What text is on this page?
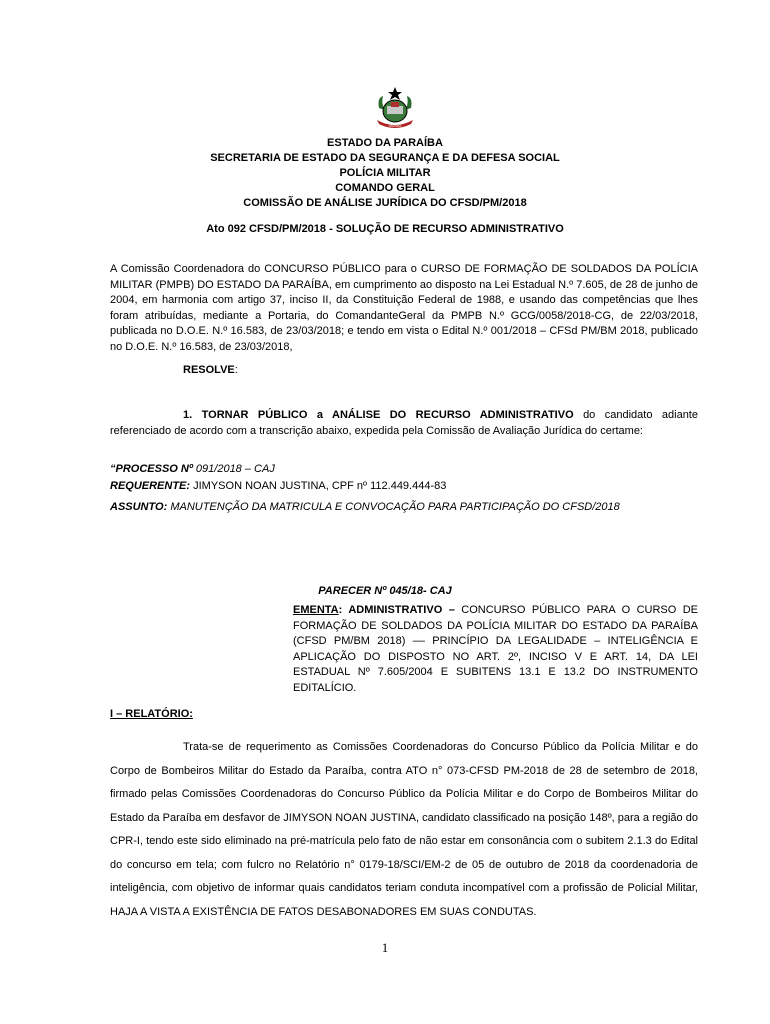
PARAIBA
ESTADO DA PARAÍBA
SECRETARIA DE ESTADO DA SEGURANÇA E DA DEFESA SOCIAL
POLÍCIA MILITAR
COMANDO GERAL
COMISSÃO DE ANÁLISE JURÍDICA DO CFSD/PM/2018
Ato 092 CFSD/PM/2018 - SOLUÇÃO DE RECURSO ADMINISTRATIVO
A Comissão Coordenadora do CONCURSO PÚBLICO para o CURSO DE FORMAÇÃO DE SOLDADOS DA POLÍCIA MILITAR (PMPB) DO ESTADO DA PARAÍBA, em cumprimento ao disposto na Lei Estadual N.º 7.605, de 28 de junho de 2004, em harmonia com artigo 37, inciso II, da Constituição Federal de 1988, e usando das competências que lhes foram atribuídas, mediante a Portaria, do ComandanteGeral da PMPB N.º GCG/0058/2018-CG, de 22/03/2018, publicada no D.O.E. N.º 16.583, de 23/03/2018; e tendo em vista o Edital N.º 001/2018 – CFSd PM/BM 2018, publicado no D.O.E. N.º 16.583, de 23/03/2018,
RESOLVE:
1. TORNAR PÚBLICO a ANÁLISE DO RECURSO ADMINISTRATIVO do candidato adiante referenciado de acordo com a transcrição abaixo, expedida pela Comissão de Avaliação Jurídica do certame:
“PROCESSO Nº 091/2018 – CAJ
REQUERENTE: JIMYSON NOAN JUSTINA, CPF nº 112.449.444-83
ASSUNTO: MANUTENÇÃO DA MATRICULA E CONVOCAÇÃO PARA PARTICIPAÇÃO DO CFSD/2018
PARECER Nº 045/18- CAJ
EMENTA: ADMINISTRATIVO – CONCURSO PÚBLICO PARA O CURSO DE FORMAÇÃO DE SOLDADOS DA POLÍCIA MILITAR DO ESTADO DA PARAÍBA (CFSD PM/BM 2018) –– PRINCÍPIO DA LEGALIDADE – INTELIGÊNCIA E APLICAÇÃO DO DISPOSTO NO ART. 2º, INCISO V E ART. 14, DA LEI ESTADUAL Nº 7.605/2004 E SUBITENS 13.1 E 13.2 DO INSTRUMENTO EDITALÍCIO.
I – RELATÓRIO:
Trata-se de requerimento as Comissões Coordenadoras do Concurso Público da Polícia Militar e do Corpo de Bombeiros Militar do Estado da Paraíba, contra ATO n° 073-CFSD PM-2018 de 28 de setembro de 2018, firmado pelas Comissões Coordenadoras do Concurso Público da Polícia Militar e do Corpo de Bombeiros Militar do Estado da Paraíba em desfavor de JIMYSON NOAN JUSTINA, candidato classificado na posição 148º, para a região do CPR-I, tendo este sido eliminado na pré-matrícula pelo fato de não estar em consonância com o subitem 2.1.3 do Edital do concurso em tela; com fulcro no Relatório n° 0179-18/SCI/EM-2 de 05 de outubro de 2018 da coordenadoria de inteligência, com objetivo de informar quais candidatos teriam conduta incompatível com a profissão de Policial Militar, HAJA A VISTA A EXISTÊNCIA DE FATOS DESABONADORES EM SUAS CONDUTAS.
1
